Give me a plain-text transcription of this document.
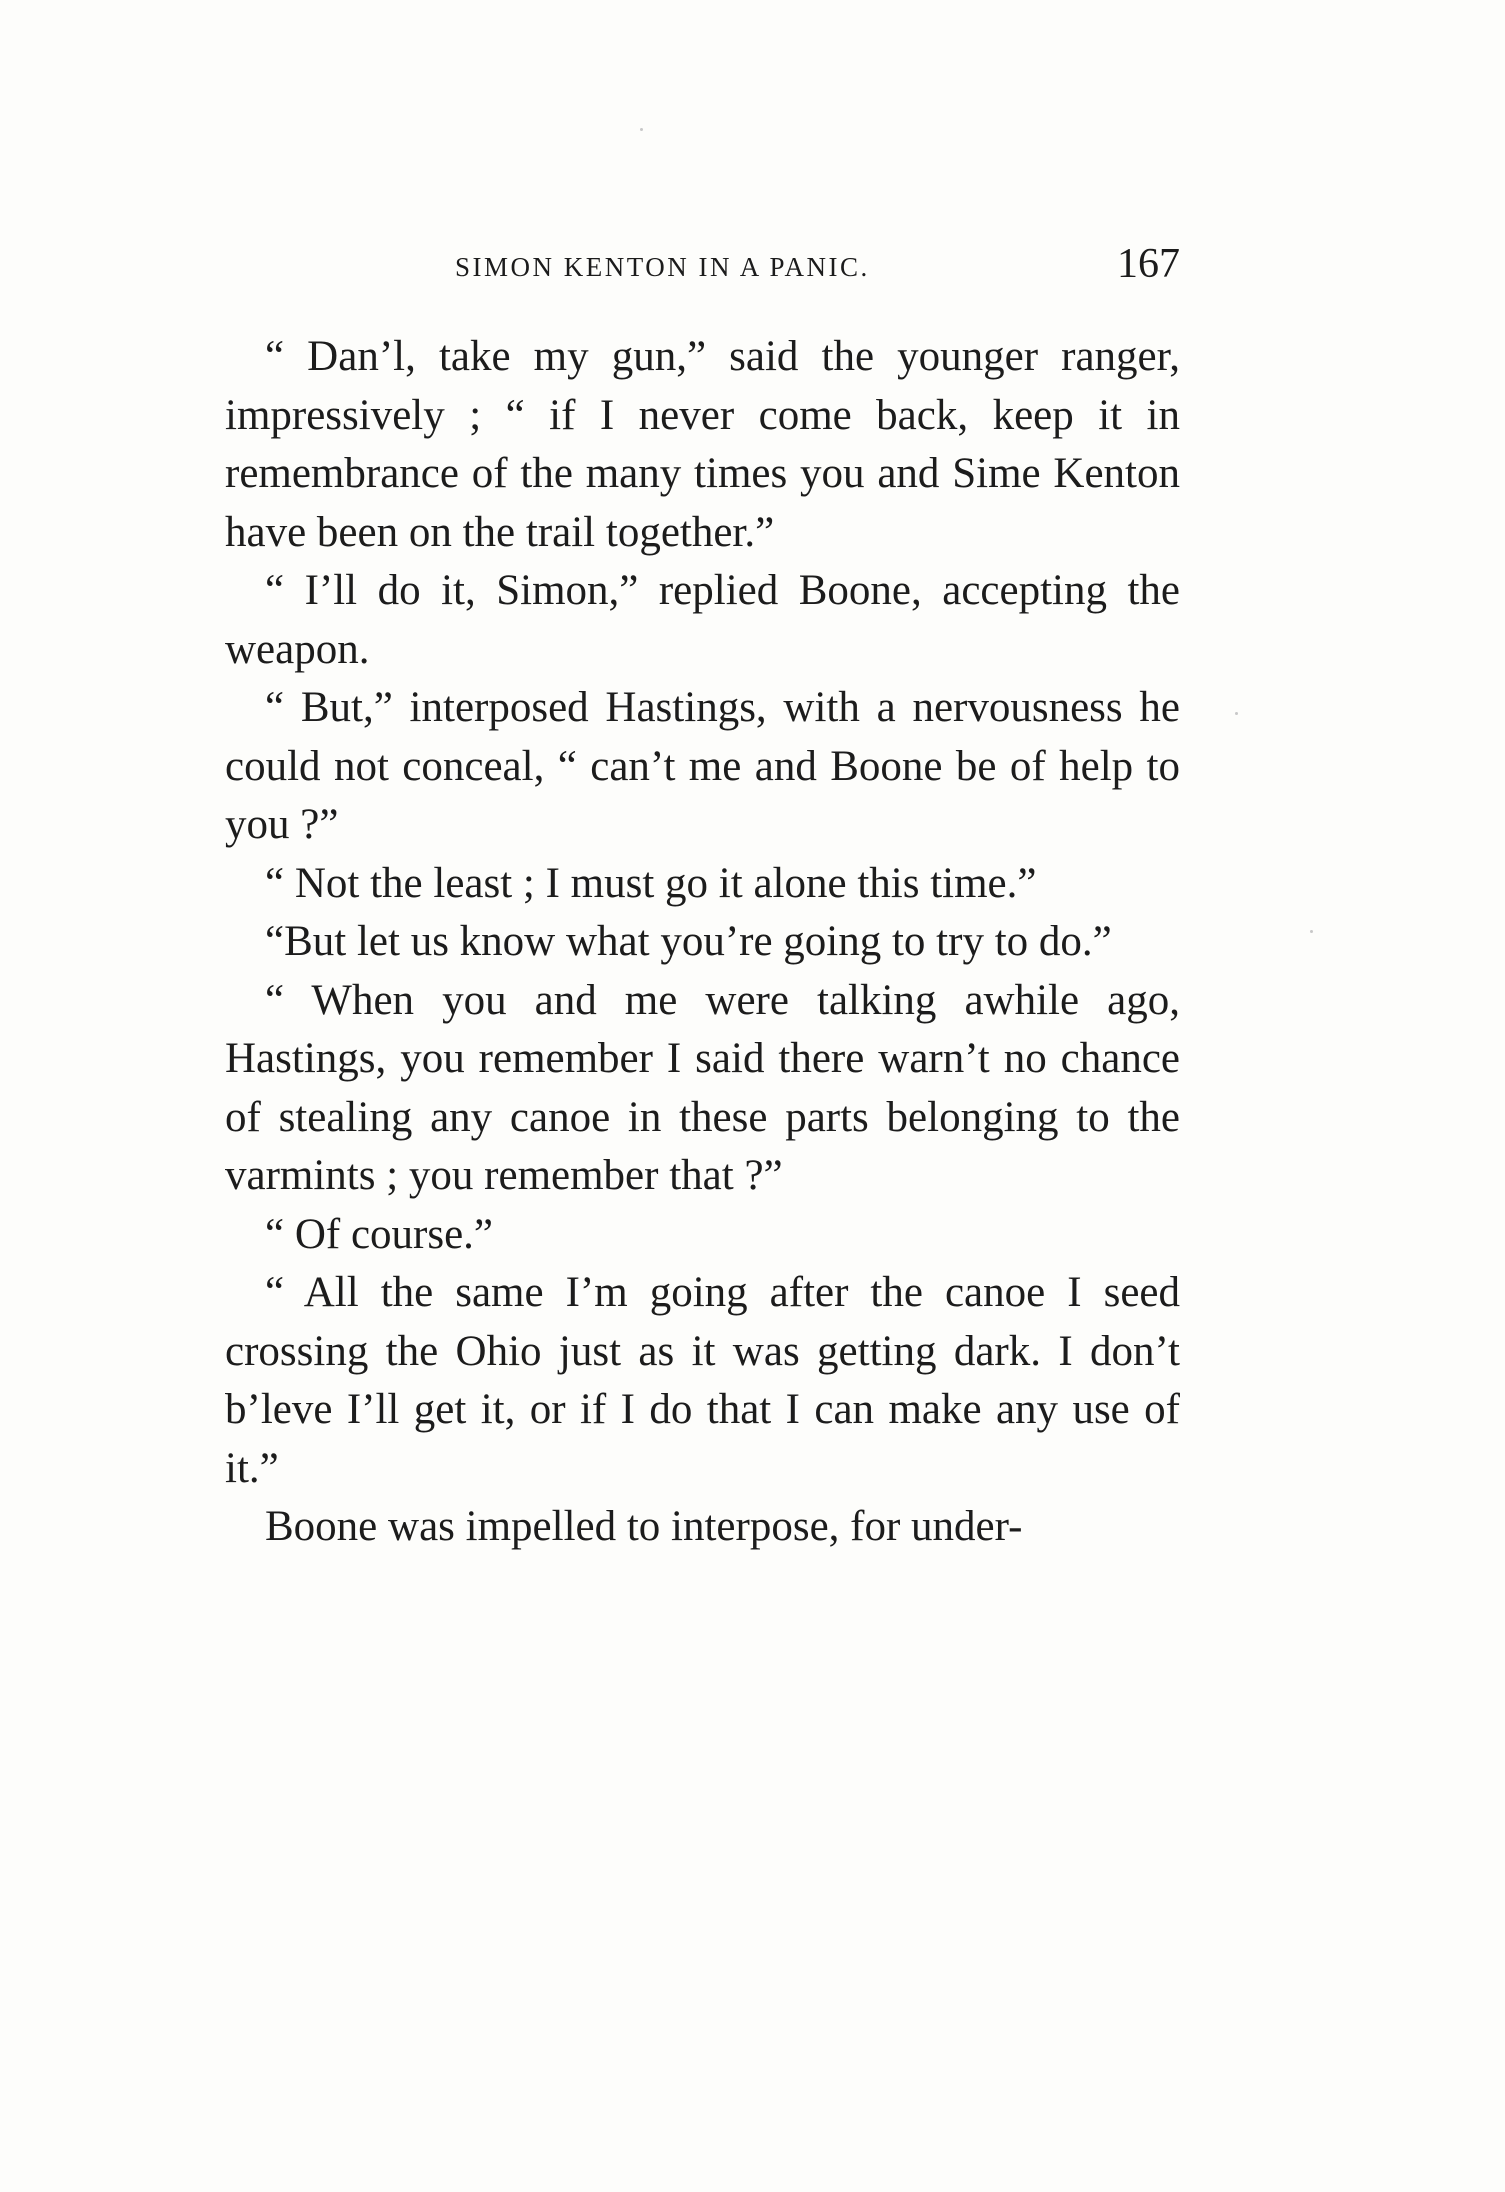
SIMON KENTON IN A PANIC.	167

“ Dan’l, take my gun,” said the younger ranger, impressively ; “ if I never come back, keep it in remembrance of the many times you and Sime Kenton have been on the trail together.”

“ I’ll do it, Simon,” replied Boone, accepting the weapon.

“ But,” interposed Hastings, with a nervousness he could not conceal, “ can’t me and Boone be of help to you ?”

“ Not the least ; I must go it alone this time.”

“But let us know what you’re going to try to do.”

“ When you and me were talking awhile ago, Hastings, you remember I said there warn’t no chance of stealing any canoe in these parts belonging to the varmints ; you remember that ?”

“ Of course.”

“ All the same I’m going after the canoe I seed crossing the Ohio just as it was getting dark. I don’t b’leve I’ll get it, or if I do that I can make any use of it.”

Boone was impelled to interpose, for under-
